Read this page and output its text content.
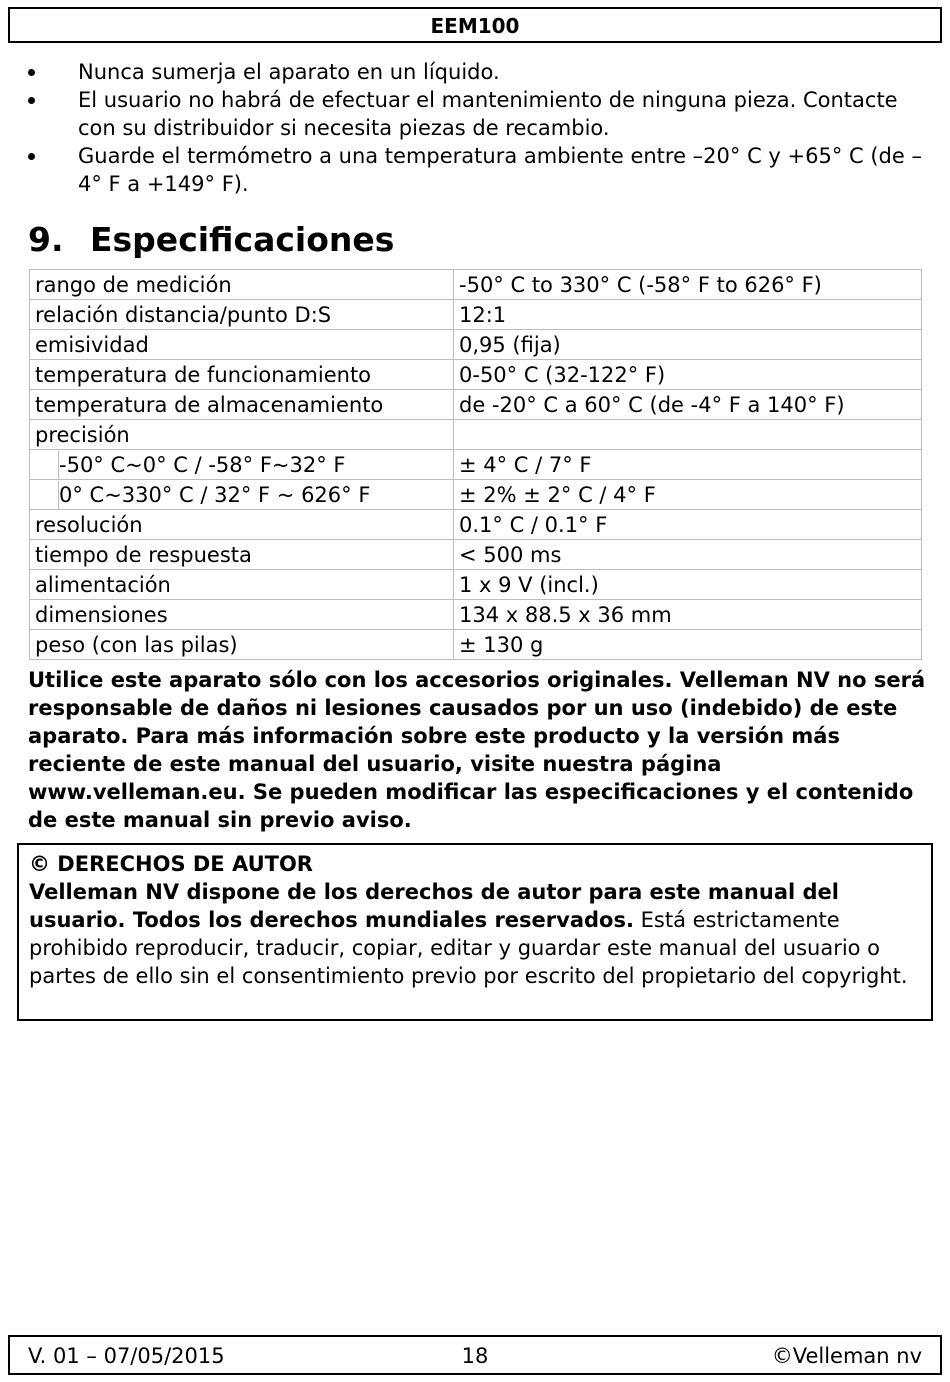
EEM100
Nunca sumerja el aparato en un líquido.
El usuario no habrá de efectuar el mantenimiento de ninguna pieza. Contacte con su distribuidor si necesita piezas de recambio.
Guarde el termómetro a una temperatura ambiente entre –20° C y +65° C (de –4° F a +149° F).
9. Especificaciones
rango de medición	-50° C to 330° C (-58° F to 626° F)
relación distancia/punto D:S	12:1
emisividad	0,95 (fija)
temperatura de funcionamiento	0-50° C (32-122° F)
temperatura de almacenamiento	de -20° C a 60° C (de -4° F a 140° F)
precisión	

-50° C~0° C / -58° F~32° F	± 4° C / 7° F

0° C~330° C / 32° F ~ 626° F	± 2% ± 2° C / 4° F
resolución	0.1° C / 0.1° F
tiempo de respuesta	< 500 ms
alimentación	1 x 9 V (incl.)
dimensiones	134 x 88.5 x 36 mm
peso (con las pilas)	± 130 g

Utilice este aparato sólo con los accesorios originales. Velleman NV no será responsable de daños ni lesiones causados por un uso (indebido) de este aparato. Para más información sobre este producto y la versión más reciente de este manual del usuario, visite nuestra página www.velleman.eu. Se pueden modificar las especificaciones y el contenido de este manual sin previo aviso.

© DERECHOS DE AUTOR
Velleman NV dispone de los derechos de autor para este manual del usuario. Todos los derechos mundiales reservados. Está estrictamente prohibido reproducir, traducir, copiar, editar y guardar este manual del usuario o partes de ello sin el consentimiento previo por escrito del propietario del copyright.
18
V. 01 – 07/05/2015	©Velleman nv
